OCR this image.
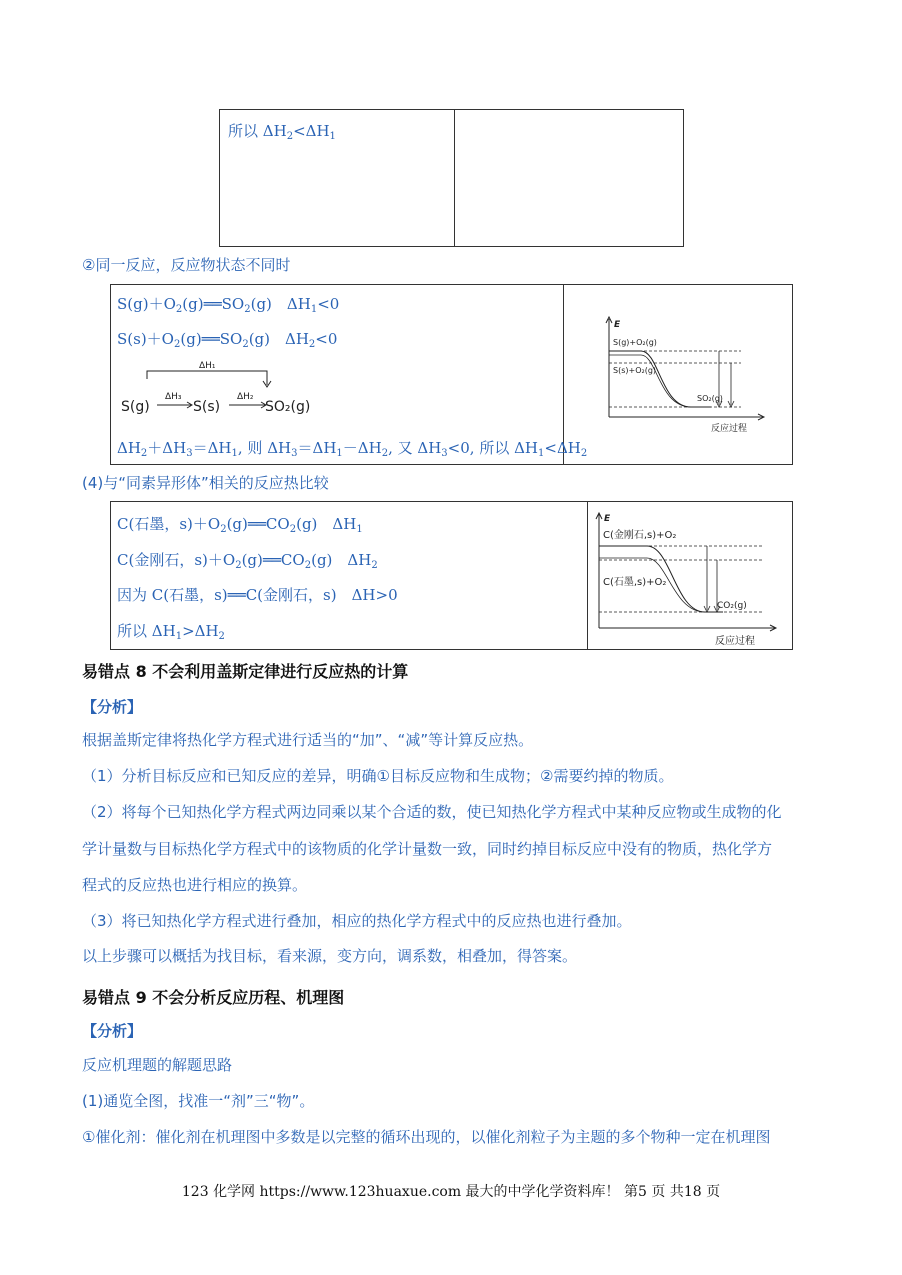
所以 $\Delta H_2<\Delta H_1$
②同一反应，反应物状态不同时
$S(g)+O_2(g)══SO_2(g)$　$\Delta H_1<0$
$S(s)+O_2(g)══SO_2(g)$　$\Delta H_2<0$
ΔH₁
ΔH₃	ΔH₂
S(g)	S(s)	SO₂(g)
$\Delta H_2+\Delta H_3=\Delta H_1$, 则 $\Delta H_3=\Delta H_1-\Delta H_2$, 又 $\Delta H_3<0$, 所以 $\Delta H_1<\Delta H_2$
E
S(g)+O₂(g)
S(s)+O₂(g)
SO₂(g)
反应过程
(4)与“同素异形体”相关的反应热比较
C(石墨，$s)+O_2(g)══CO_2(g)$　$\Delta H_1$
C(金刚石，$s)+O_2(g)══CO_2(g)$　$\Delta H_2$
因为 C(石墨，s)══C(金刚石，s)　ΔH>0
所以 $\Delta H_1>\Delta H_2$
E
C(金刚石,s)+O₂
C(石墨,s)+O₂
CO₂(g)
反应过程
易错点 8 不会利用盖斯定律进行反应热的计算
【分析】
根据盖斯定律将热化学方程式进行适当的“加”、“减”等计算反应热。
（1）分析目标反应和已知反应的差异，明确①目标反应物和生成物；②需要约掉的物质。
（2）将每个已知热化学方程式两边同乘以某个合适的数，使已知热化学方程式中某种反应物或生成物的化
学计量数与目标热化学方程式中的该物质的化学计量数一致，同时约掉目标反应中没有的物质，热化学方
程式的反应热也进行相应的换算。
（3）将已知热化学方程式进行叠加，相应的热化学方程式中的反应热也进行叠加。
以上步骤可以概括为找目标，看来源，变方向，调系数，相叠加，得答案。
易错点 9 不会分析反应历程、机理图
【分析】
反应机理题的解题思路
(1)通览全图，找准一“剂”三“物”。
①催化剂：催化剂在机理图中多数是以完整的循环出现的，以催化剂粒子为主题的多个物种一定在机理图
123 化学网 https://www.123huaxue.com 最大的中学化学资料库！ 第5 页 共18 页
